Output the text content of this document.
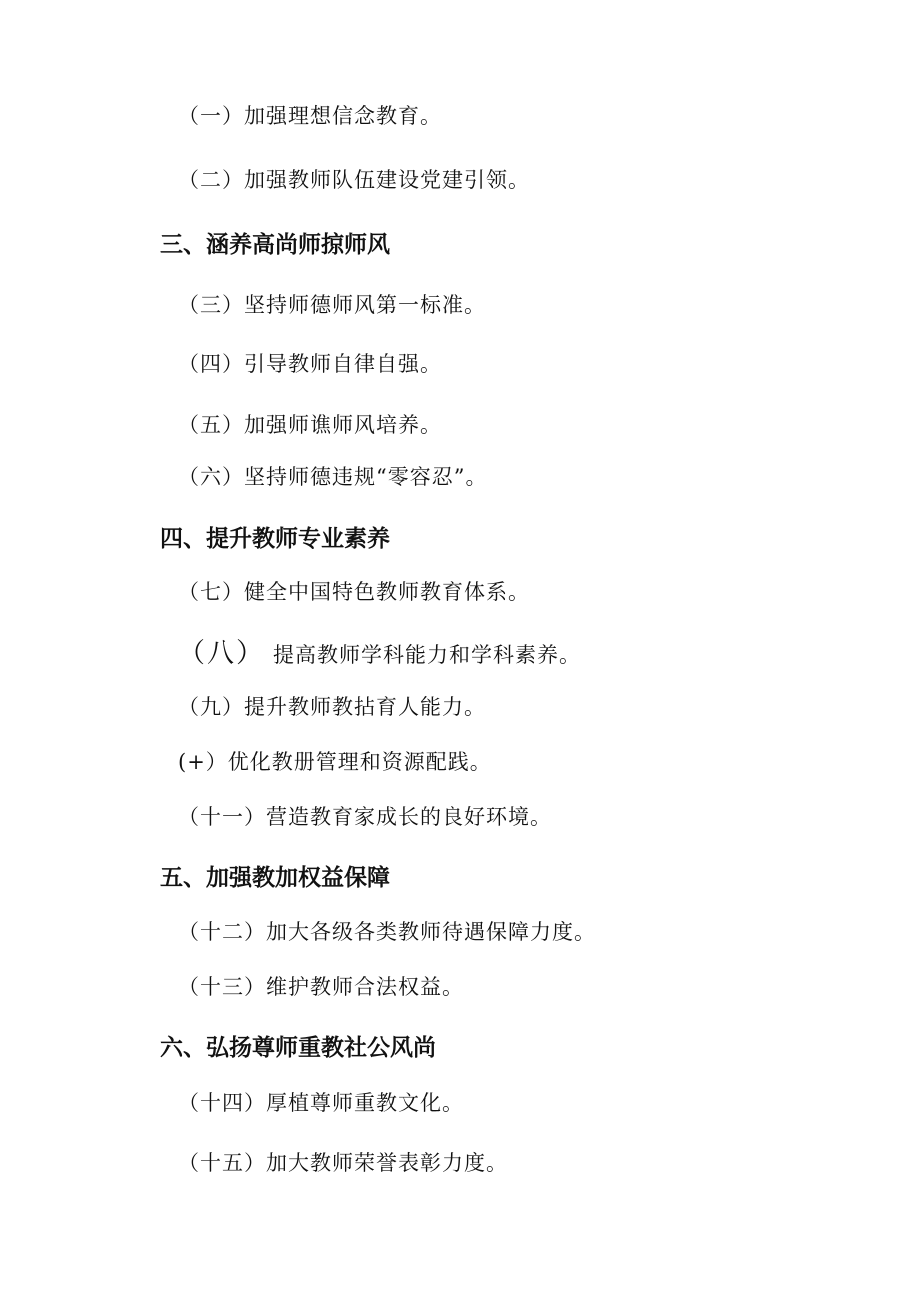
（一）加强理想信念教育。
（二）加强教师队伍建设党建引领。
三、涵养高尚师掠师风
（三）坚持师德师风第一标准。
（四）引导教师自律自强。
（五）加强师谯师风培养。
（六）坚持师德违规“零容忍”。
四、提升教师专业素养
（七）健全中国特色教师教育体系。
（八） 提高教师学科能力和学科素养。
（九）提升教师教拈育人能力。
(+）优化教册管理和资源配践。
（十一）营造教育家成长的良好环境。
五、加强教加权益保障
（十二）加大各级各类教师待遇保障力度。
（十三）维护教师合法权益。
六、弘扬尊师重教社公风尚
（十四）厚植尊师重教文化。
（十五）加大教师荣誉表彰力度。
